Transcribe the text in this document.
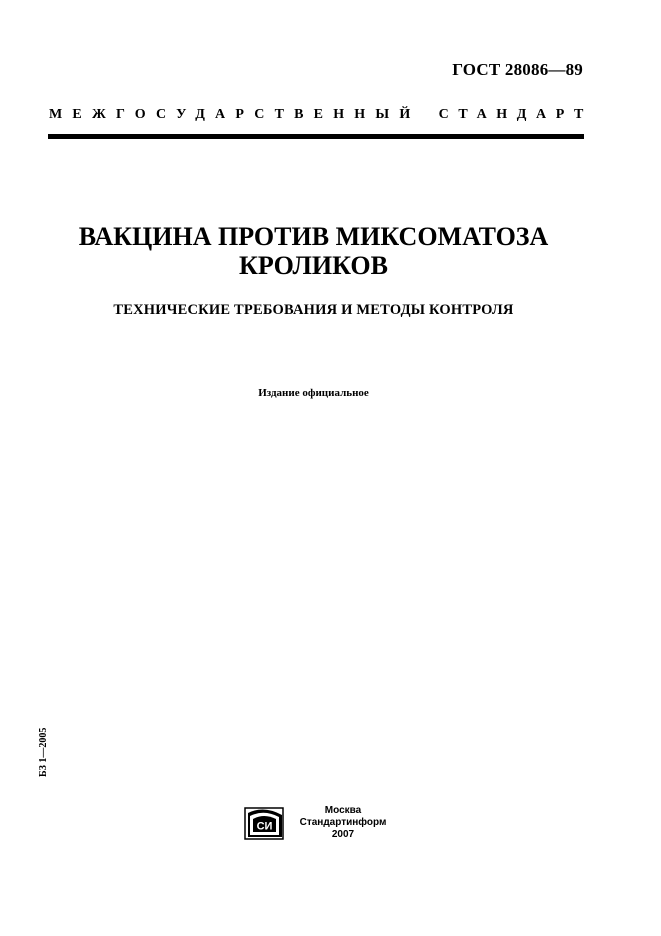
ГОСТ 28086—89
МЕЖГОСУДАРСТВЕННЫЙ СТАНДАРТ
ВАКЦИНА ПРОТИВ МИКСОМАТОЗА
КРОЛИКОВ
ТЕХНИЧЕСКИЕ ТРЕБОВАНИЯ И МЕТОДЫ КОНТРОЛЯ
Издание официальное
БЗ 1—2005
СИ
Москва
Стандартинформ
2007
